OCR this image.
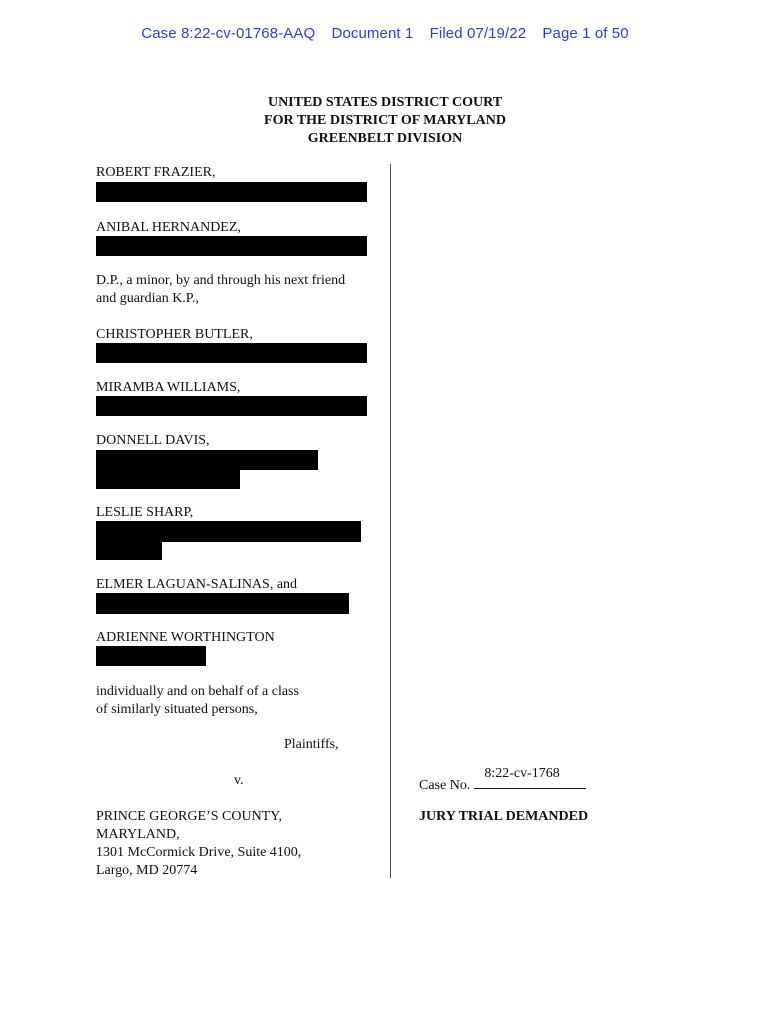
Case 8:22-cv-01768-AAQ Document 1 Filed 07/19/22 Page 1 of 50
UNITED STATES DISTRICT COURT
FOR THE DISTRICT OF MARYLAND
GREENBELT DIVISION
ROBERT FRAZIER,
ANIBAL HERNANDEZ,
D.P., a minor, by and through his next friend
and guardian K.P.,
CHRISTOPHER BUTLER,
MIRAMBA WILLIAMS,
DONNELL DAVIS,
LESLIE SHARP,
ELMER LAGUAN-SALINAS, and
ADRIENNE WORTHINGTON
individually and on behalf of a class
of similarly situated persons,
Plaintiffs,
v.
PRINCE GEORGE’S COUNTY,
MARYLAND,
1301 McCormick Drive, Suite 4100,
Largo, MD 20774
Case No.
8:22-cv-1768
JURY TRIAL DEMANDED
